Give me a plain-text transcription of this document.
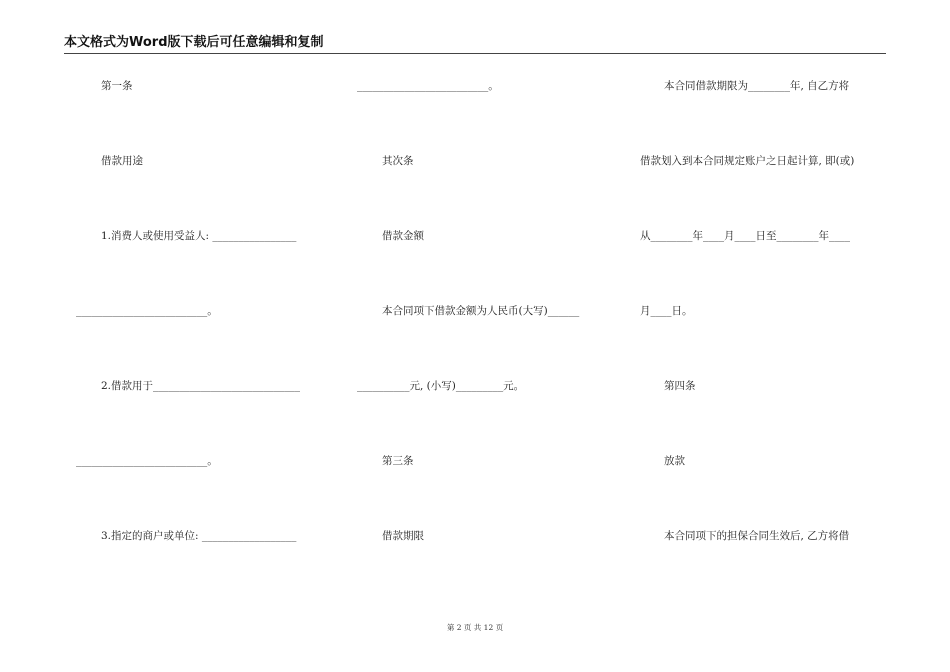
本文格式为Word版下载后可任意编辑和复制
第一条
借款用途
1.消费人或使用受益人: ________________
_________________________。
2.借款用于____________________________
_________________________。
3.指定的商户或单位: __________________
_________________________。
其次条
借款金额
本合同项下借款金额为人民币(大写)______
__________元, (小写)_________元。
第三条
借款期限
本合同借款期限为________年, 自乙方将
借款划入到本合同规定账户之日起计算, 即(或)
从________年____月____日至________年____
月____日。
第四条
放款
本合同项下的担保合同生效后, 乙方将借
第 2 页 共 12 页
